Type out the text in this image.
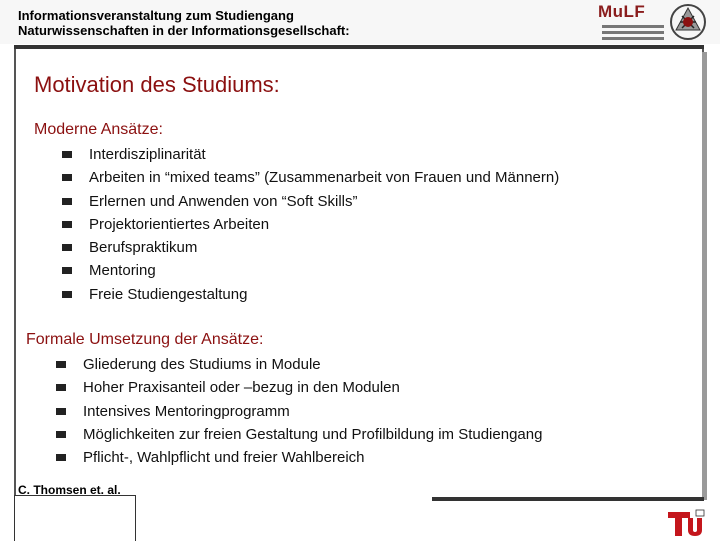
Informationsveranstaltung zum Studiengang
Naturwissenschaften in der Informationsgesellschaft:
MuLF
Motivation des Studiums:
Moderne Ansätze:
Interdisziplinarität
Arbeiten in “mixed teams” (Zusammenarbeit von Frauen und Männern)
Erlernen und Anwenden von “Soft Skills”
Projektorientiertes Arbeiten
Berufspraktikum
Mentoring
Freie Studiengestaltung
Formale Umsetzung der Ansätze:
Gliederung des Studiums in Module
Hoher Praxisanteil oder –bezug in den Modulen
Intensives Mentoringprogramm
Möglichkeiten zur freien Gestaltung und Profilbildung im Studiengang
Pflicht-, Wahlpflicht und freier Wahlbereich
C. Thomsen et. al.
